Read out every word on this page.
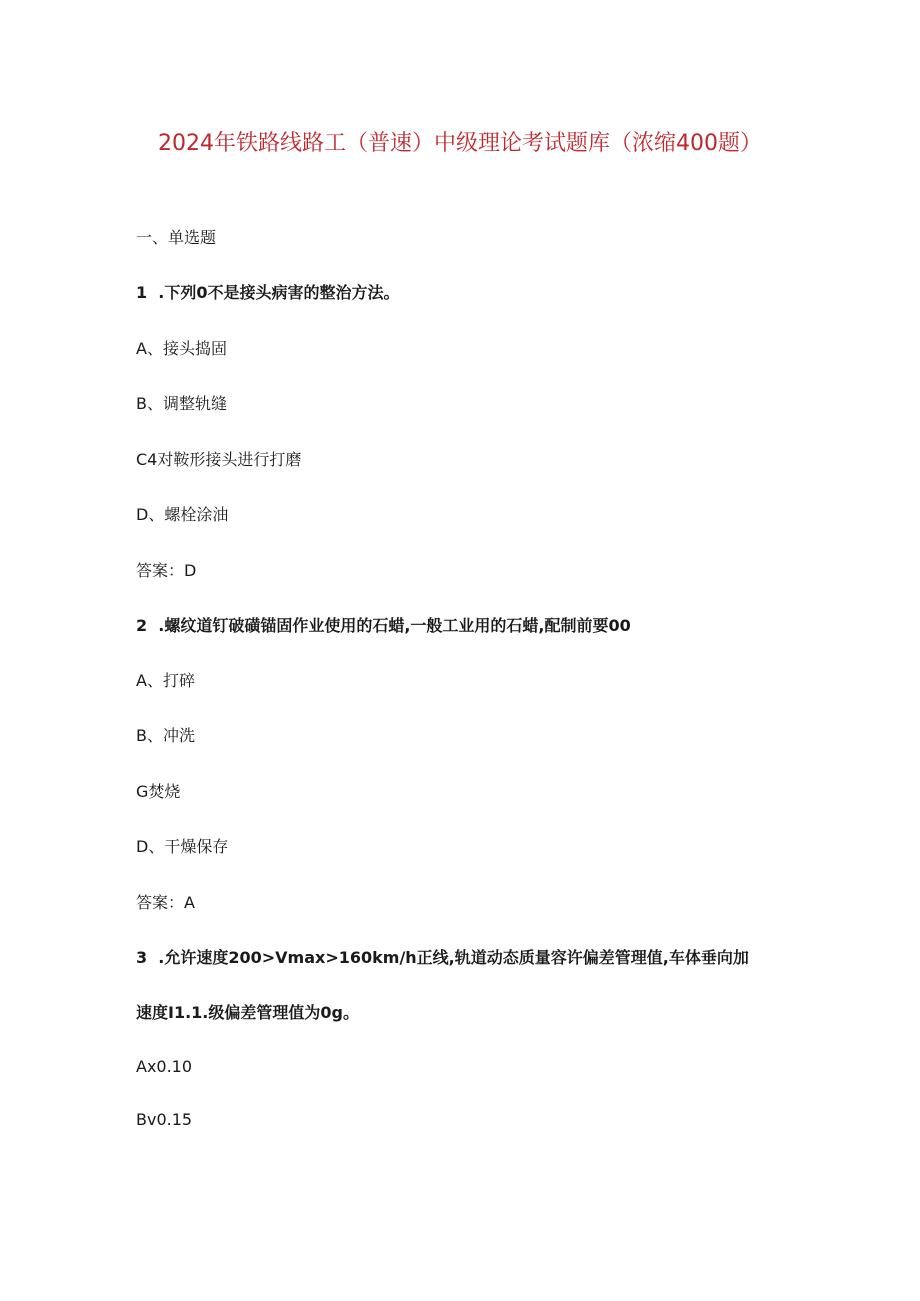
2024年铁路线路工（普速）中级理论考试题库（浓缩400题）
一、单选题
1  .下列0不是接头病害的整治方法。
A、接头捣固
B、调整轨缝
C4对鞍形接头进行打磨
D、螺栓涂油
答案：D
2  .螺纹道钉破磺锚固作业使用的石蜡,一般工业用的石蜡,配制前要00
A、打碎
B、冲洗
G焚烧
D、干燥保存
答案：A
3  .允许速度200>Vmax>160km/h正线,轨道动态质量容许偏差管理值,车体垂向加
速度I1.1.级偏差管理值为0g。
Ax0.10
Bv0.15
